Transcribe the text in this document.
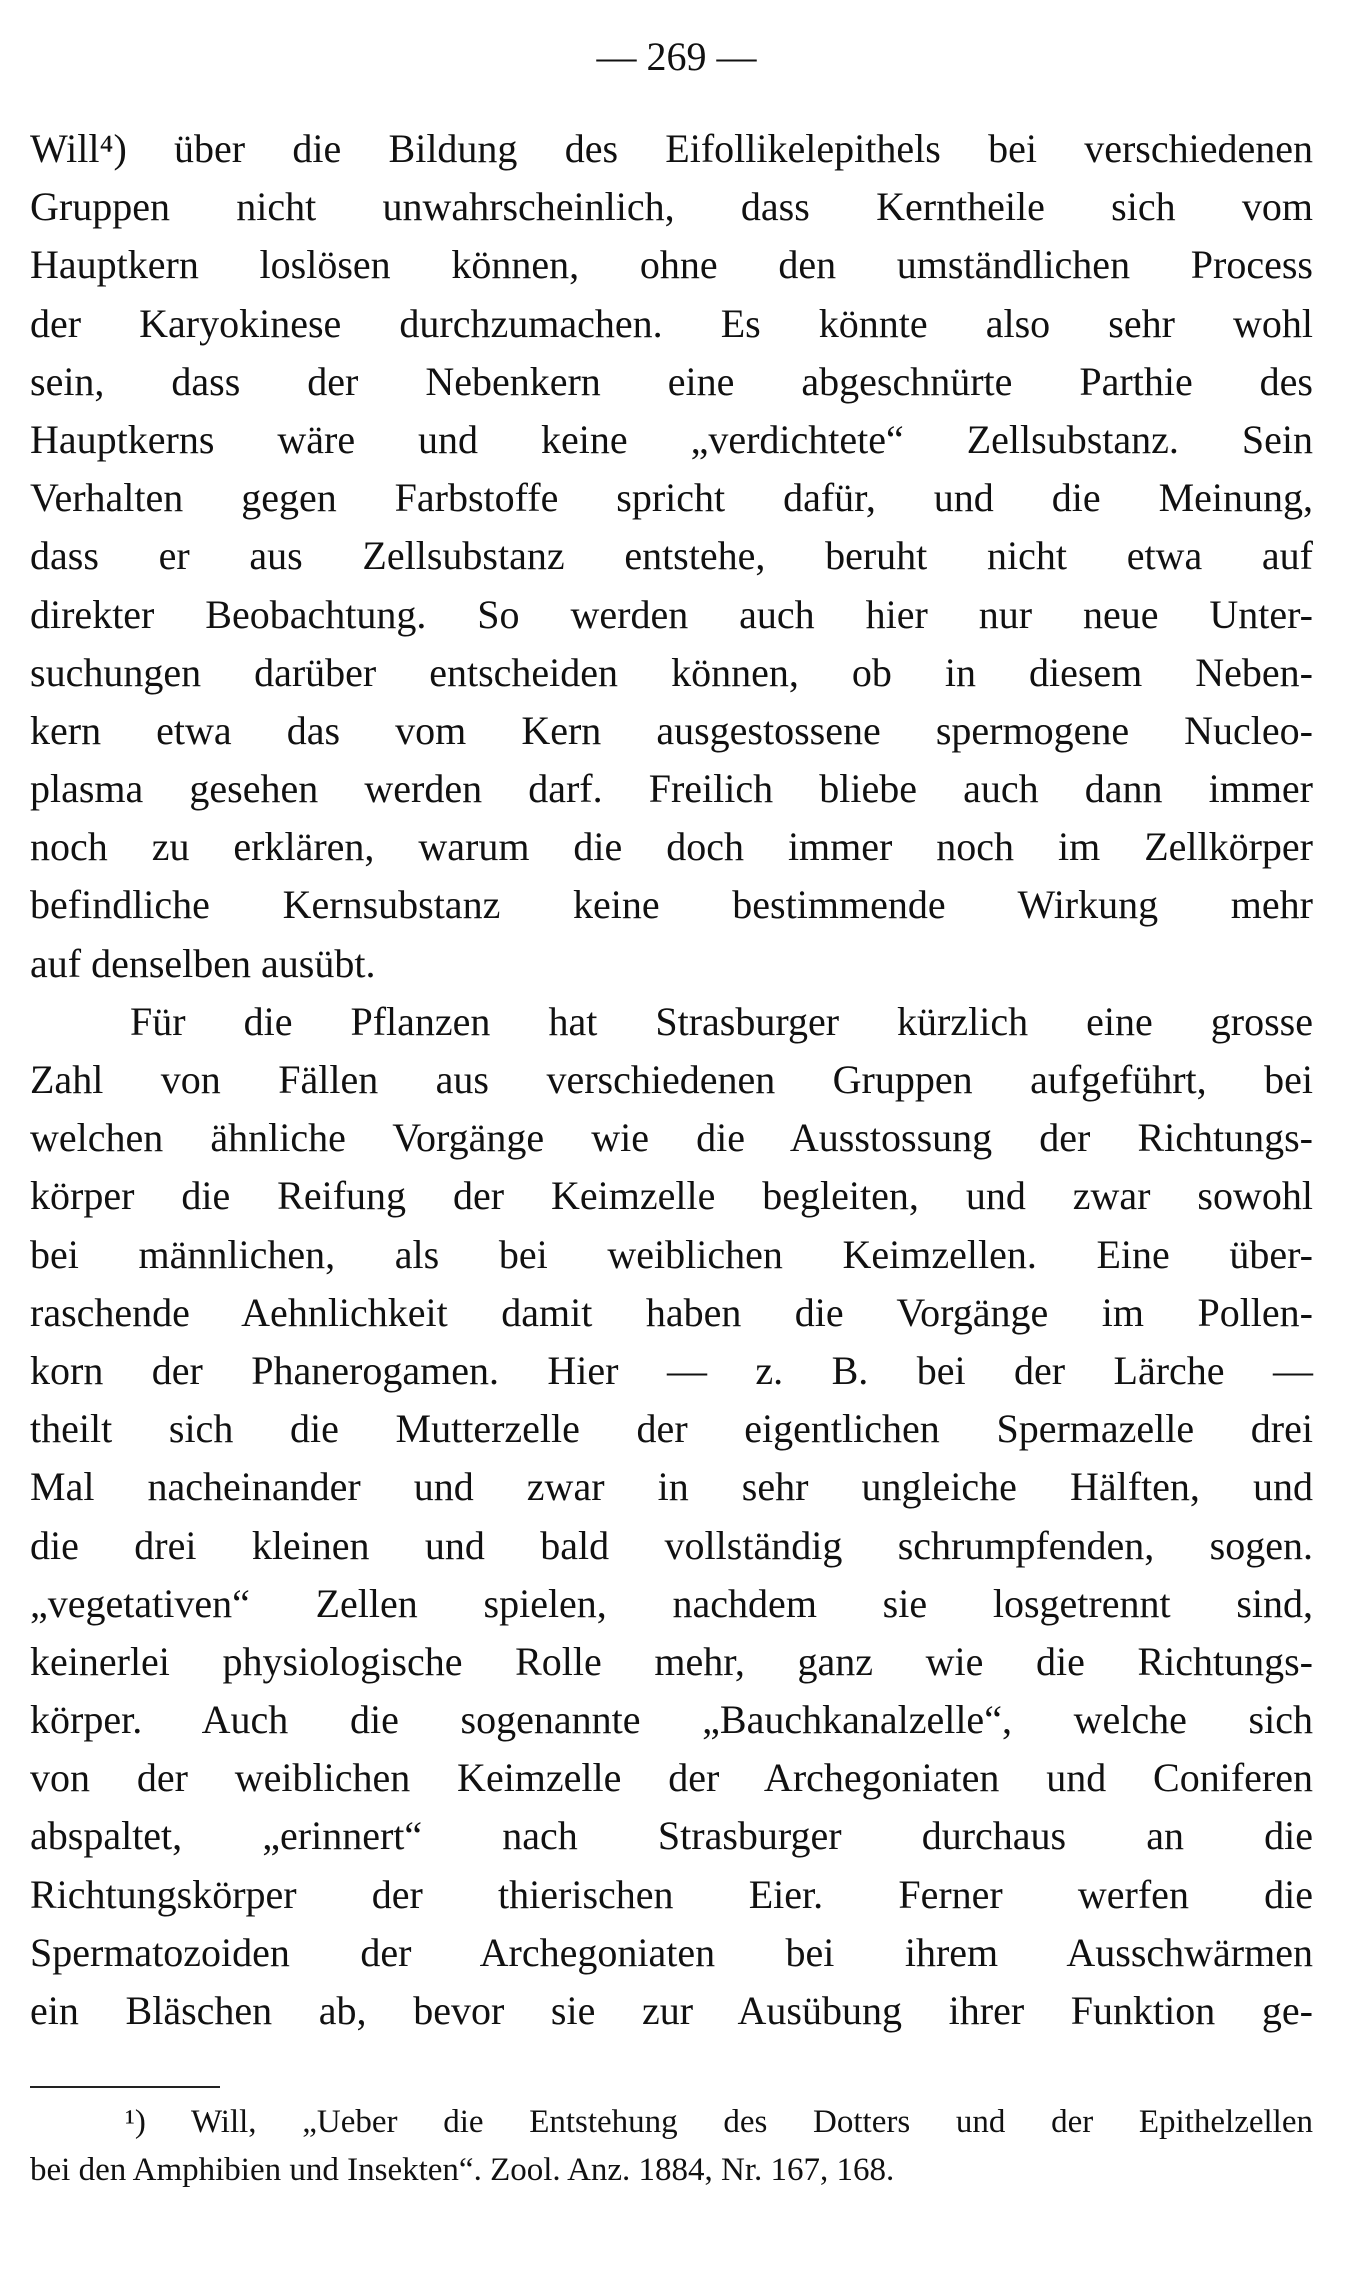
— 269 —
Will⁴) über die Bildung des Eifollikelepithels bei verschiedenen
Gruppen nicht unwahrscheinlich, dass Kerntheile sich vom
Hauptkern loslösen können, ohne den umständlichen Process
der Karyokinese durchzumachen. Es könnte also sehr wohl
sein, dass der Nebenkern eine abgeschnürte Parthie des
Hauptkerns wäre und keine „verdichtete“ Zellsubstanz. Sein
Verhalten gegen Farbstoffe spricht dafür, und die Meinung,
dass er aus Zellsubstanz entstehe, beruht nicht etwa auf
direkter Beobachtung. So werden auch hier nur neue Unter-
suchungen darüber entscheiden können, ob in diesem Neben-
kern etwa das vom Kern ausgestossene spermogene Nucleo-
plasma gesehen werden darf. Freilich bliebe auch dann immer
noch zu erklären, warum die doch immer noch im Zellkörper
befindliche Kernsubstanz keine bestimmende Wirkung mehr
auf denselben ausübt.
Für die Pflanzen hat Strasburger kürzlich eine grosse
Zahl von Fällen aus verschiedenen Gruppen aufgeführt, bei
welchen ähnliche Vorgänge wie die Ausstossung der Richtungs-
körper die Reifung der Keimzelle begleiten, und zwar sowohl
bei männlichen, als bei weiblichen Keimzellen. Eine über-
raschende Aehnlichkeit damit haben die Vorgänge im Pollen-
korn der Phanerogamen. Hier — z. B. bei der Lärche —
theilt sich die Mutterzelle der eigentlichen Spermazelle drei
Mal nacheinander und zwar in sehr ungleiche Hälften, und
die drei kleinen und bald vollständig schrumpfenden, sogen.
„vegetativen“ Zellen spielen, nachdem sie losgetrennt sind,
keinerlei physiologische Rolle mehr, ganz wie die Richtungs-
körper. Auch die sogenannte „Bauchkanalzelle“, welche sich
von der weiblichen Keimzelle der Archegoniaten und Coniferen
abspaltet, „erinnert“ nach Strasburger durchaus an die
Richtungskörper der thierischen Eier. Ferner werfen die
Spermatozoiden der Archegoniaten bei ihrem Ausschwärmen
ein Bläschen ab, bevor sie zur Ausübung ihrer Funktion ge-
¹) Will, „Ueber die Entstehung des Dotters und der Epithelzellen
bei den Amphibien und Insekten“. Zool. Anz. 1884, Nr. 167, 168.
